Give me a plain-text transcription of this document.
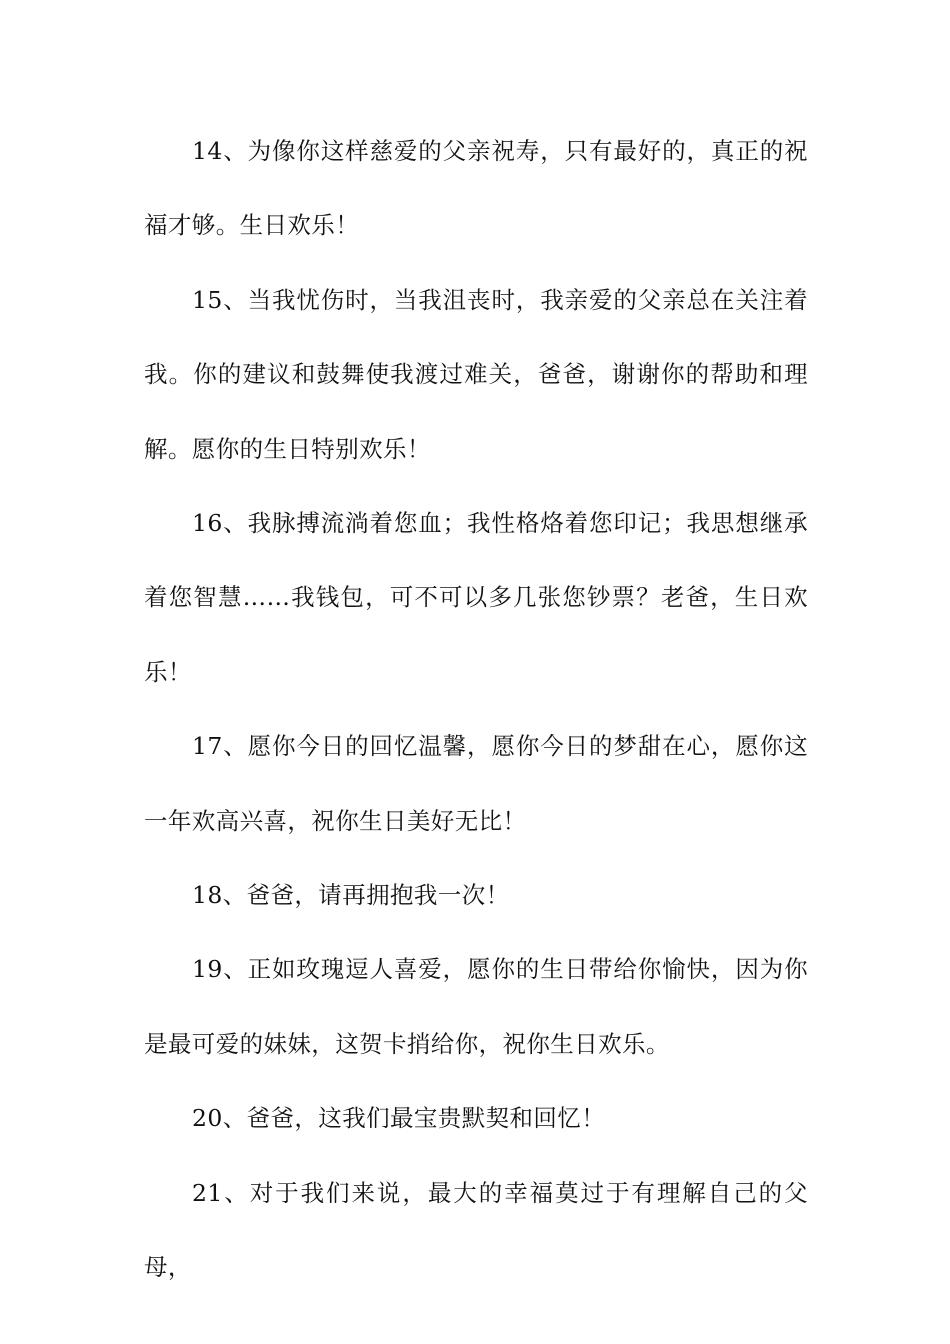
14、为像你这样慈爱的父亲祝寿，只有最好的，真正的祝福才够。生日欢乐！

15、当我忧伤时，当我沮丧时，我亲爱的父亲总在关注着我。你的建议和鼓舞使我渡过难关，爸爸，谢谢你的帮助和理解。愿你的生日特别欢乐！

16、我脉搏流淌着您血；我性格烙着您印记；我思想继承着您智慧……我钱包，可不可以多几张您钞票？老爸，生日欢乐！

17、愿你今日的回忆温馨，愿你今日的梦甜在心，愿你这一年欢高兴喜，祝你生日美好无比！

18、爸爸，请再拥抱我一次！

19、正如玫瑰逗人喜爱，愿你的生日带给你愉快，因为你是最可爱的妹妹，这贺卡捎给你，祝你生日欢乐。

20、爸爸，这我们最宝贵默契和回忆！

21、对于我们来说，最大的幸福莫过于有理解自己的父母，
